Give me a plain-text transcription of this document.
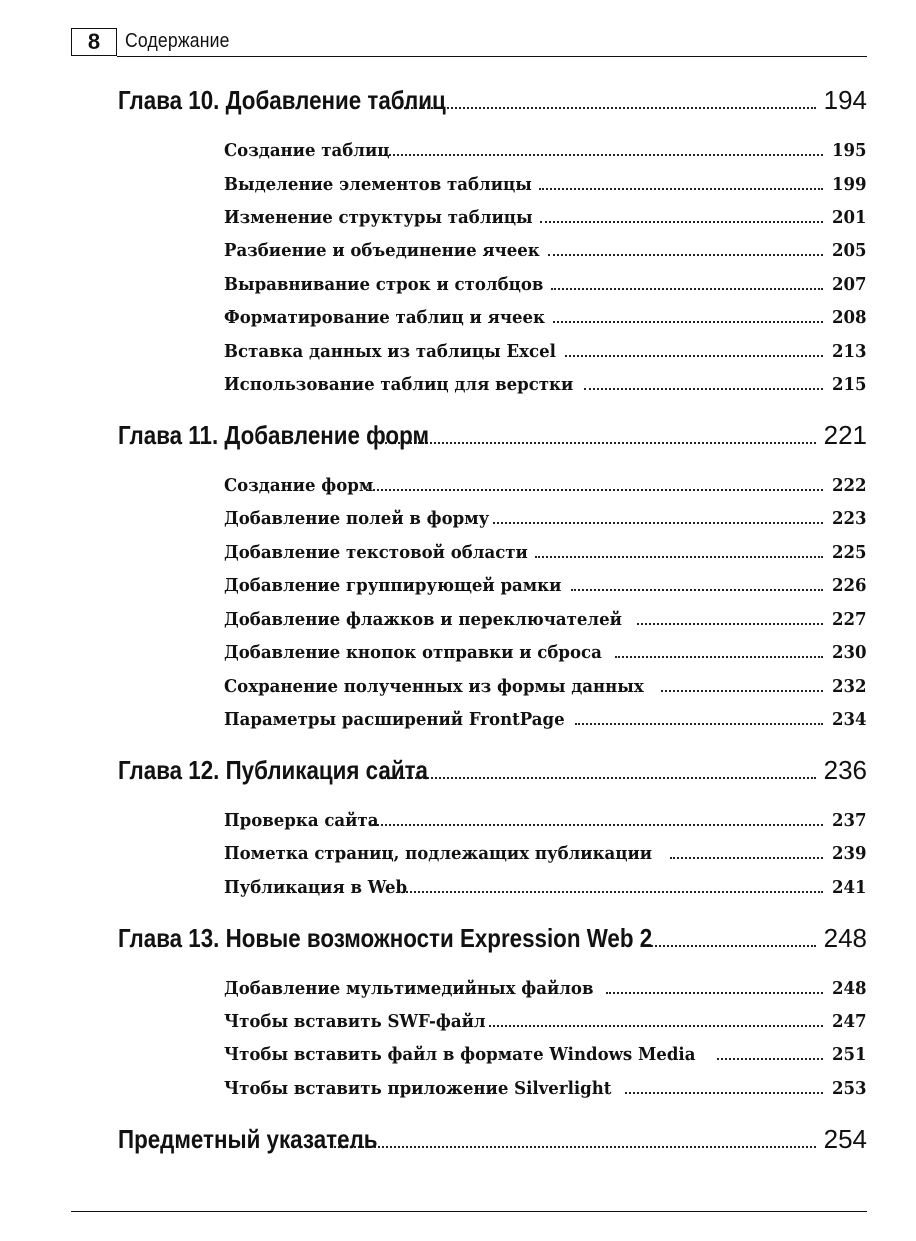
8	Содержание
Глава 10. Добавление таблиц	194
Создание таблиц	195
Выделение элементов таблицы	199
Изменение структуры таблицы	201
Разбиение и объединение ячеек	205
Выравнивание строк и столбцов	207
Форматирование таблиц и ячеек	208
Вставка данных из таблицы Excel	213
Использование таблиц для верстки	215
Глава 11. Добавление форм	221
Создание форм	222
Добавление полей в форму	223
Добавление текстовой области	225
Добавление группирующей рамки	226
Добавление флажков и переключателей	227
Добавление кнопок отправки и сброса	230
Сохранение полученных из формы данных	232
Параметры расширений FrontPage	234
Глава 12. Публикация сайта	236
Проверка сайта	237
Пометка страниц, подлежащих публикации	239
Публикация в Web	241
Глава 13. Новые возможности Expression Web 2	248
Добавление мультимедийных файлов	248
Чтобы вставить SWF-файл	247
Чтобы вставить файл в формате Windows Media	251
Чтобы вставить приложение Silverlight	253
Предметный указатель	254
